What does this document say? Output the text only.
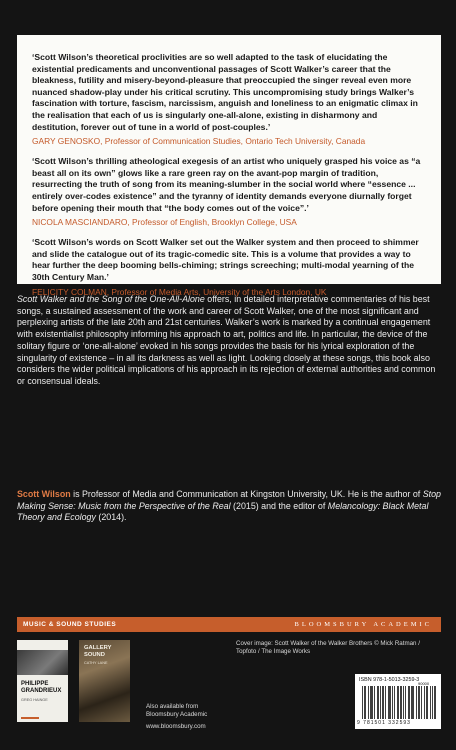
‘Scott Wilson’s theoretical proclivities are so well adapted to the task of elucidating the existential predicaments and unconventional passages of Scott Walker’s career that the bleakness, futility and misery-beyond-pleasure that preoccupied the singer reveal even more nuanced shadow-play under his critical scrutiny. This uncompromising study brings Walker’s fascination with torture, fascism, narcissism, anguish and loneliness to an enigmatic climax in the realisation that each of us is singularly one-all-alone, existing in disharmony and destitution, forever out of tune in a world of post-couples.’

GARY GENOSKO, Professor of Communication Studies, Ontario Tech University, Canada

‘Scott Wilson’s thrilling atheological exegesis of an artist who uniquely grasped his voice as “a beast all on its own” glows like a rare green ray on the avant-pop margin of tradition, resurrecting the truth of song from its meaning-slumber in the social world where “essence ... entirely over-codes existence” and the tyranny of identity demands everyone diurnally forget before opening their mouth that “the body comes out of the voice”.’

NICOLA MASCIANDARO, Professor of English, Brooklyn College, USA

‘Scott Wilson’s words on Scott Walker set out the Walker system and then proceed to shimmer and slide the catalogue out of its tragic-comedic site. This is a volume that provides a way to hear further the deep booming bells-chiming; strings screeching; multi-modal yearning of the 30th Century Man.’

FELICITY COLMAN, Professor of Media Arts, University of the Arts London, UK

Scott Walker and the Song of the One-All-Alone offers, in detailed interpretative commentaries of his best songs, a sustained assessment of the work and career of Scott Walker, one of the most significant and perplexing artists of the late 20th and 21st centuries. Walker’s work is marked by a continual engagement with existentialist philosophy informing his approach to art, politics and life. In particular, the device of the solitary figure or ‘one-all-alone’ evoked in his songs provides the basis for his lyrical exploration of the singularity of existence – in all its darkness as well as light. Looking closely at these songs, this book also considers the wider political implications of his approach in its rejection of external authorities and common or consensual ideals.

Scott Wilson is Professor of Media and Communication at Kingston University, UK. He is the author of Stop Making Sense: Music from the Perspective of the Real (2015) and the editor of Melancology: Black Metal Theory and Ecology (2014).

MUSIC & SOUND STUDIES	BLOOMSBURY ACADEMIC
PHILIPPE GRANDRIEUX
GREG HAINGE
GALLERY SOUND
CATHY LANE

Also available from
Bloomsbury Academic

www.bloomsbury.com

Cover image: Scott Walker of the Walker Brothers © Mick Ratman / Topfoto / The Image Works

ISBN 978-1-5013-3259-3
90000
9 781501 332593
